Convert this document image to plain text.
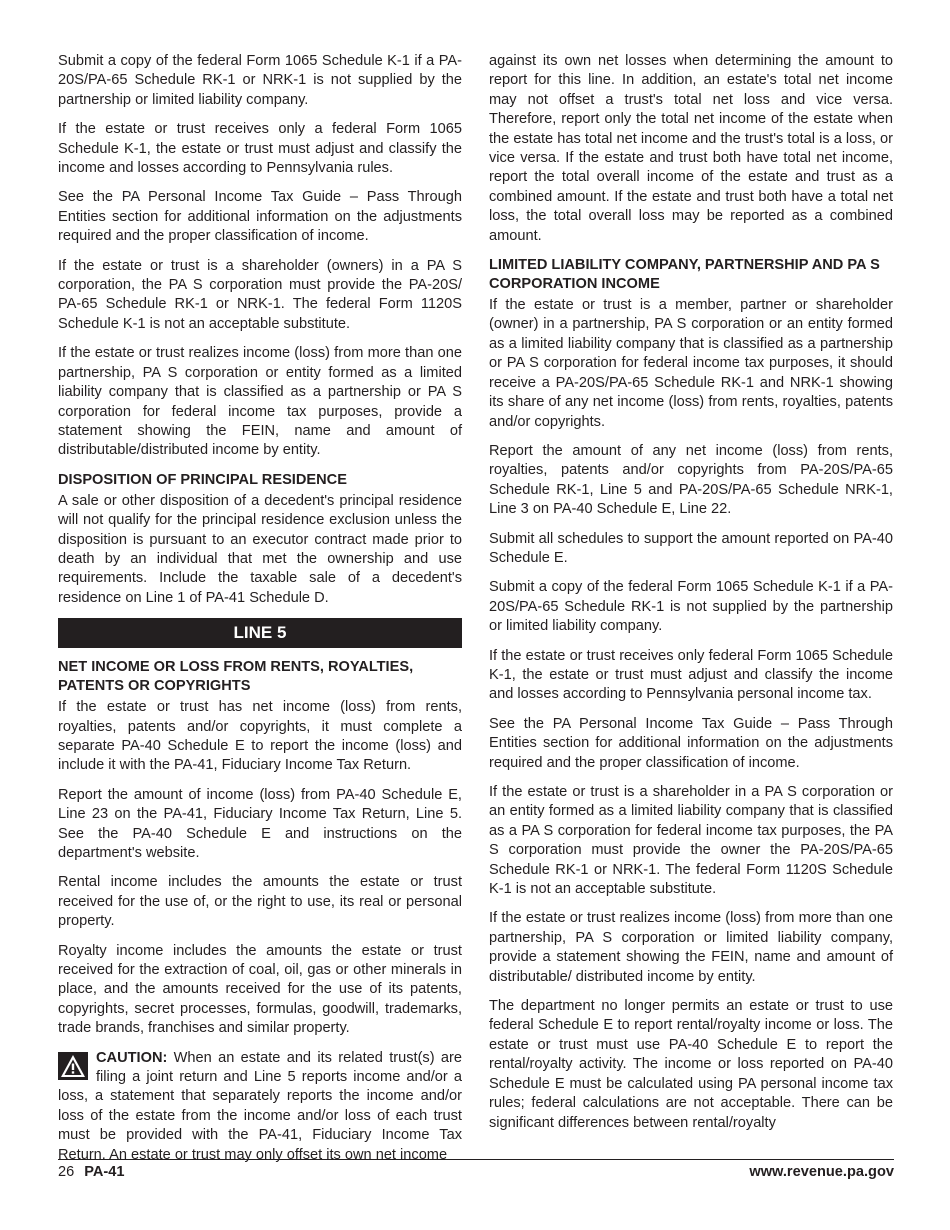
Submit a copy of the federal Form 1065 Schedule K-1 if a PA-20S/PA-65 Schedule RK-1 or NRK-1 is not supplied by the partnership or limited liability company.

If the estate or trust receives only a federal Form 1065 Schedule K-1, the estate or trust must adjust and classify the income and losses according to Pennsylvania rules.

See the PA Personal Income Tax Guide – Pass Through Entities section for additional information on the adjustments required and the proper classification of income.

If the estate or trust is a shareholder (owners) in a PA S corporation, the PA S corporation must provide the PA-20S/ PA-65 Schedule RK-1 or NRK-1. The federal Form 1120S Schedule K-1 is not an acceptable substitute.

If the estate or trust realizes income (loss) from more than one partnership, PA S corporation or entity formed as a limited liability company that is classified as a partnership or PA S corporation for federal income tax purposes, provide a statement showing the FEIN, name and amount of distributable/distributed income by entity.

DISPOSITION OF PRINCIPAL RESIDENCE

A sale or other disposition of a decedent's principal residence will not qualify for the principal residence exclusion unless the disposition is pursuant to an executor contract made prior to death by an individual that met the ownership and use requirements. Include the taxable sale of a decedent's residence on Line 1 of PA-41 Schedule D.

LINE 5
NET INCOME OR LOSS FROM RENTS, ROYALTIES, PATENTS OR COPYRIGHTS

If the estate or trust has net income (loss) from rents, royalties, patents and/or copyrights, it must complete a separate PA-40 Schedule E to report the income (loss) and include it with the PA-41, Fiduciary Income Tax Return.

Report the amount of income (loss) from PA-40 Schedule E, Line 23 on the PA-41, Fiduciary Income Tax Return, Line 5. See the PA-40 Schedule E and instructions on the department's website.

Rental income includes the amounts the estate or trust received for the use of, or the right to use, its real or personal property.

Royalty income includes the amounts the estate or trust received for the extraction of coal, oil, gas or other minerals in place, and the amounts received for the use of its patents, copyrights, secret processes, formulas, goodwill, trademarks, trade brands, franchises and similar property.

CAUTION: When an estate and its related trust(s) are filing a joint return and Line 5 reports income and/or a loss, a statement that separately reports the income and/or loss of the estate from the income and/or loss of each trust must be provided with the PA-41, Fiduciary Income Tax Return. An estate or trust may only offset its own net income

against its own net losses when determining the amount to report for this line. In addition, an estate's total net income may not offset a trust's total net loss and vice versa. Therefore, report only the total net income of the estate when the estate has total net income and the trust's total is a loss, or vice versa. If the estate and trust both have total net income, report the total overall income of the estate and trust as a combined amount. If the estate and trust both have a total net loss, the total overall loss may be reported as a combined amount.

LIMITED LIABILITY COMPANY, PARTNERSHIP AND PA S CORPORATION INCOME

If the estate or trust is a member, partner or shareholder (owner) in a partnership, PA S corporation or an entity formed as a limited liability company that is classified as a partnership or PA S corporation for federal income tax purposes, it should receive a PA-20S/PA-65 Schedule RK-1 and NRK-1 showing its share of any net income (loss) from rents, royalties, patents and/or copyrights.

Report the amount of any net income (loss) from rents, royalties, patents and/or copyrights from PA-20S/PA-65 Schedule RK-1, Line 5 and PA-20S/PA-65 Schedule NRK-1, Line 3 on PA-40 Schedule E, Line 22.

Submit all schedules to support the amount reported on PA-40 Schedule E.

Submit a copy of the federal Form 1065 Schedule K-1 if a PA-20S/PA-65 Schedule RK-1 is not supplied by the partnership or limited liability company.

If the estate or trust receives only federal Form 1065 Schedule K-1, the estate or trust must adjust and classify the income and losses according to Pennsylvania personal income tax.

See the PA Personal Income Tax Guide – Pass Through Entities section for additional information on the adjustments required and the proper classification of income.

If the estate or trust is a shareholder in a PA S corporation or an entity formed as a limited liability company that is classified as a PA S corporation for federal income tax purposes, the PA S corporation must provide the owner the PA-20S/PA-65 Schedule RK-1 or NRK-1. The federal Form 1120S Schedule K-1 is not an acceptable substitute.

If the estate or trust realizes income (loss) from more than one partnership, PA S corporation or limited liability company, provide a statement showing the FEIN, name and amount of distributable/ distributed income by entity.

The department no longer permits an estate or trust to use federal Schedule E to report rental/royalty income or loss. The estate or trust must use PA-40 Schedule E to report the rental/royalty activity. The income or loss reported on PA-40 Schedule E must be calculated using PA personal income tax rules; federal calculations are not acceptable. There can be significant differences between rental/royalty

26 PA-41	www.revenue.pa.gov
